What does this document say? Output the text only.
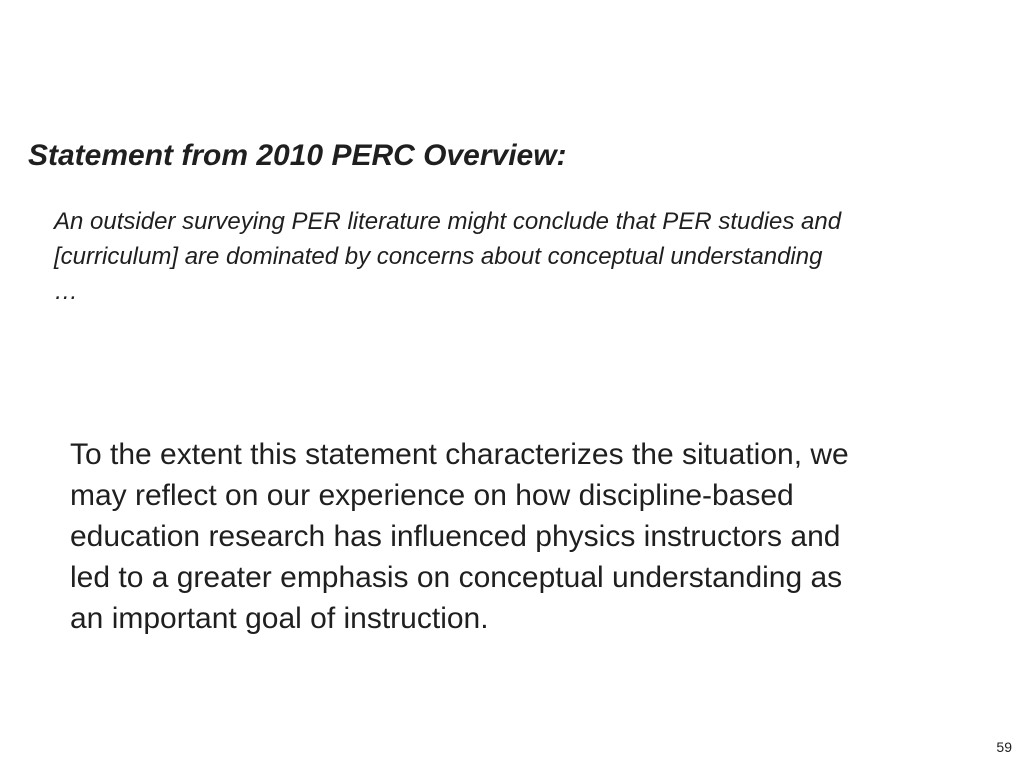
Statement from 2010 PERC Overview:
An outsider surveying PER literature might conclude that PER studies and
[curriculum] are dominated by concerns about conceptual understanding
…
To the extent this statement characterizes the situation, we
may reflect on our experience on how discipline-based
education research has influenced physics instructors and
led to a greater emphasis on conceptual understanding as
an important goal of instruction.
59
